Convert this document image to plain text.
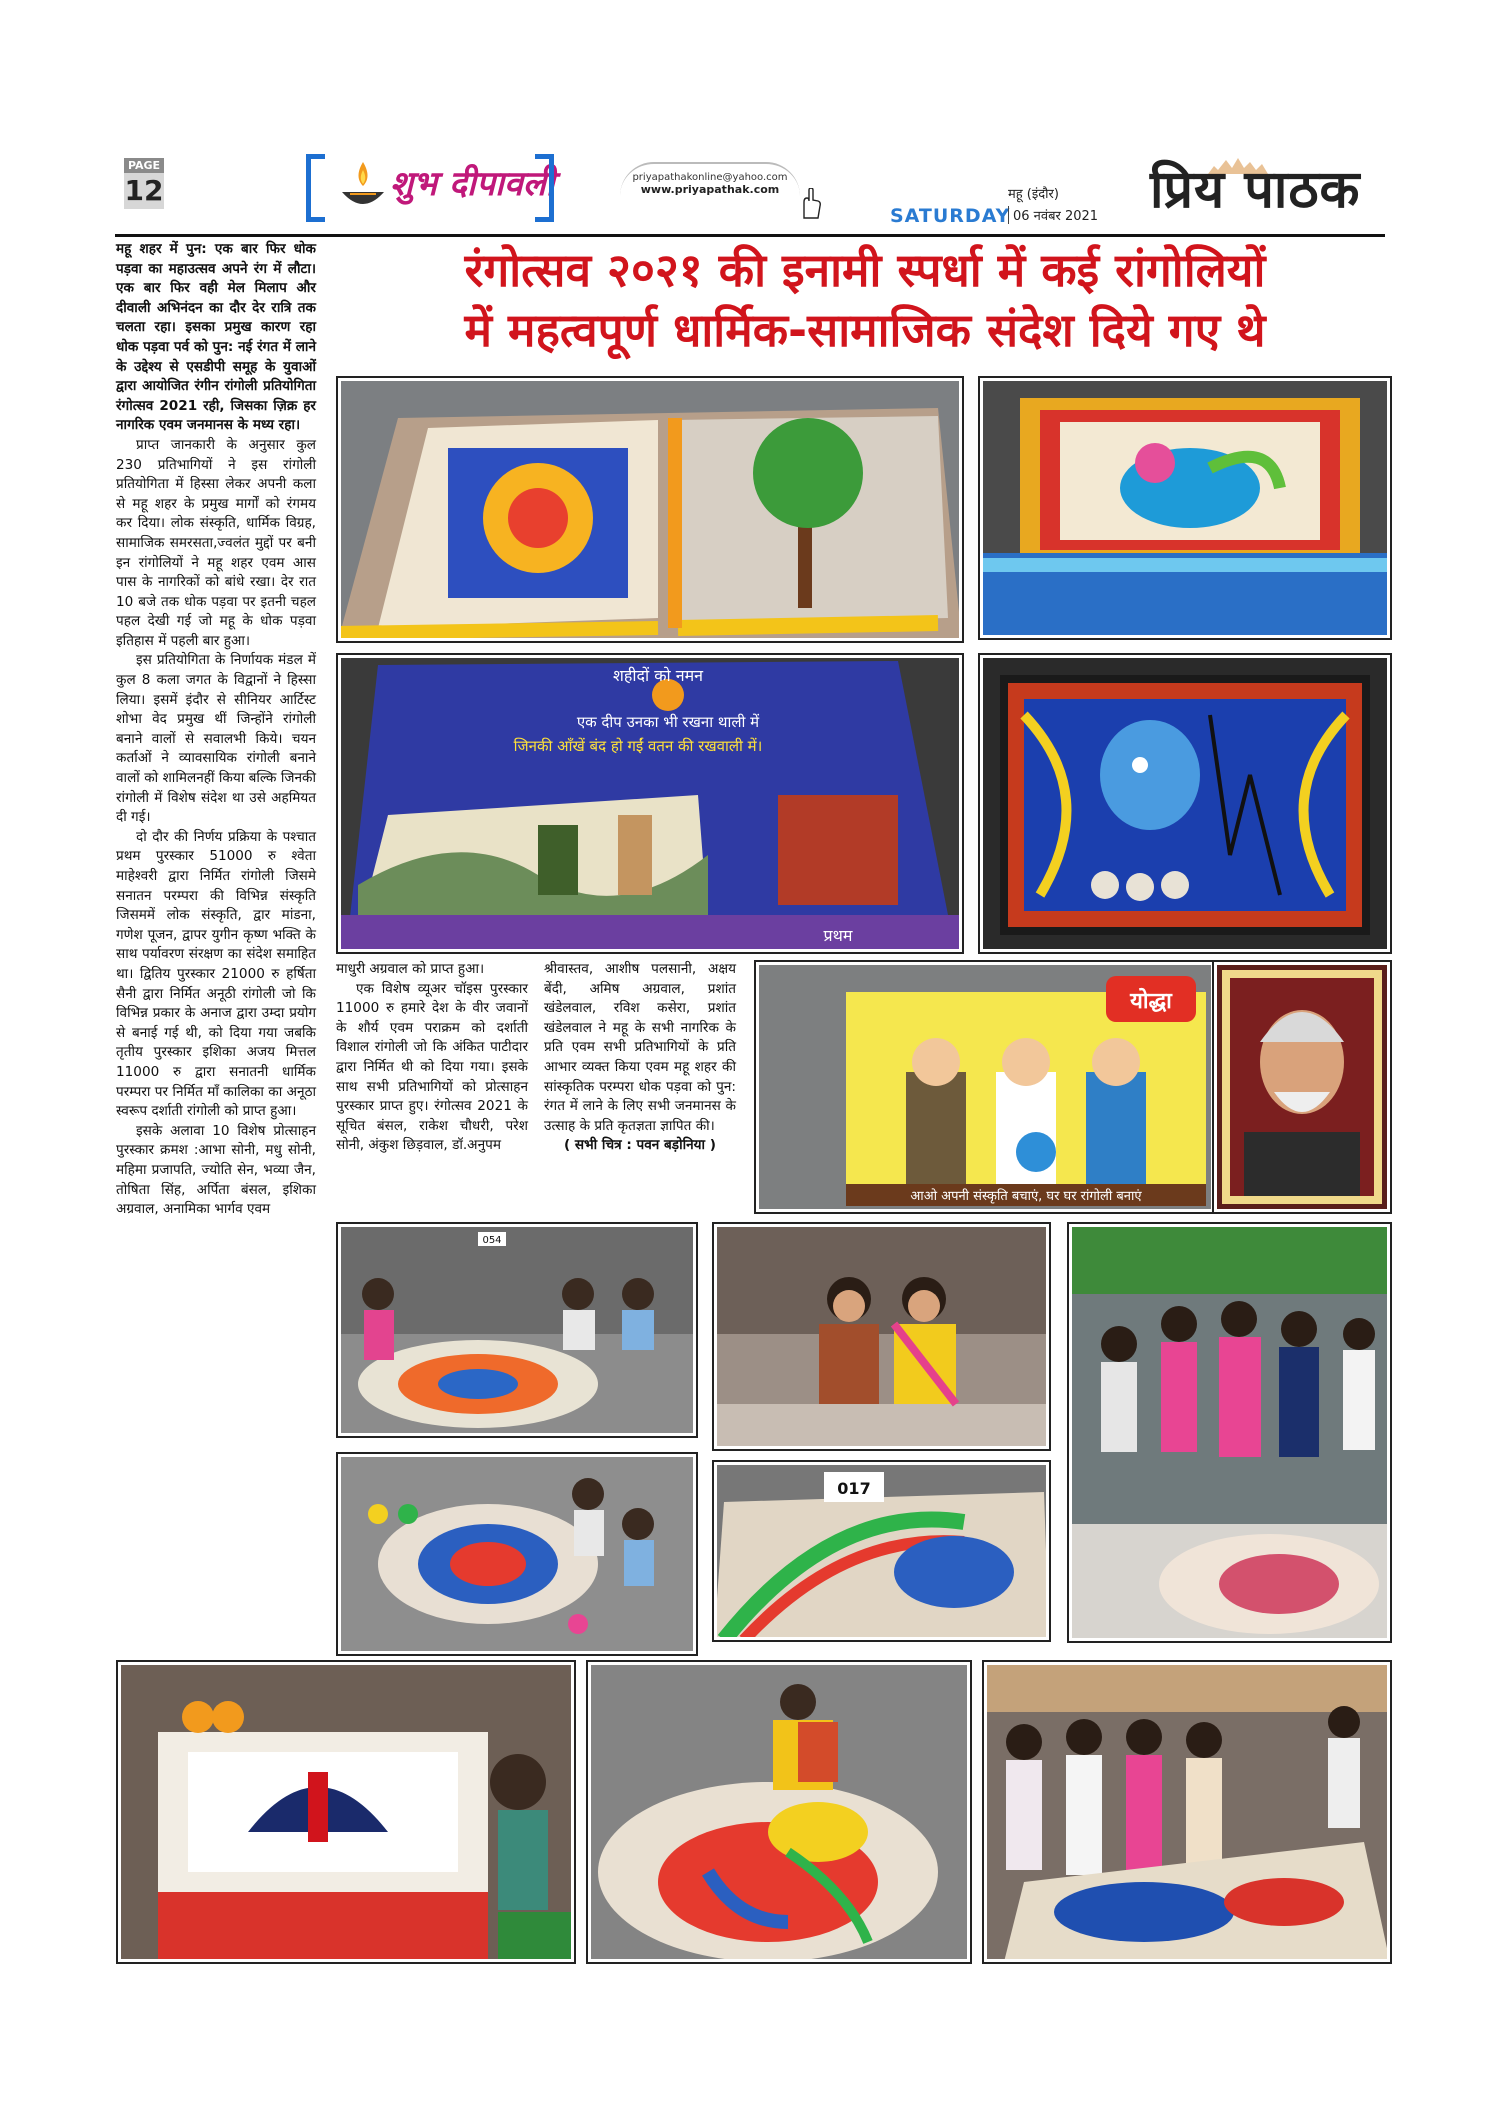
PAGE
12	शुभ दीपावली	priyapathakonline@yahoo.com
www.priyapathak.com
SATURDAY
महू (इंदौर)
06 नवंबर 2021 प्रिय पाठक
रंगोत्सव २०२१ की इनामी स्पर्धा में कई रांगोलियों
में महत्वपूर्ण धार्मिक-सामाजिक संदेश दिये गए थे

महू शहर में पुन: एक बार फिर धोक पड़वा का महाउत्सव अपने रंग में लौटा। एक बार फिर वही मेल मिलाप और दीवाली अभिनंदन का दौर देर रात्रि तक चलता रहा। इसका प्रमुख कारण रहा धोक पड़वा पर्व को पुन: नई रंगत में लाने के उद्देश्य से एसडीपी समूह के युवाओं द्वारा आयोजित रंगीन रांगोली प्रतियोगिता रंगोत्सव 2021 रही, जिसका ज़िक्र हर नागरिक एवम जनमानस के मध्य रहा।

प्राप्त जानकारी के अनुसार कुल 230 प्रतिभागियों ने इस रांगोली प्रतियोगिता में हिस्सा लेकर अपनी कला से महू शहर के प्रमुख मार्गों को रंगमय कर दिया। लोक संस्कृति, धार्मिक विग्रह, सामाजिक समरसता,ज्वलंत मुद्दों पर बनी इन रांगोलियों ने महू शहर एवम आस पास के नागरिकों को बांधे रखा। देर रात 10 बजे तक धोक पड़वा पर इतनी चहल पहल देखी गई जो महू के धोक पड़वा इतिहास में पहली बार हुआ।

इस प्रतियोगिता के निर्णायक मंडल में कुल 8 कला जगत के विद्वानों ने हिस्सा लिया। इसमें इंदौर से सीनियर आर्टिस्ट शोभा वेद प्रमुख थीं जिन्होंने रांगोली बनाने वालों से सवालभी किये। चयन कर्ताओं ने व्यावसायिक रांगोली बनाने वालों को शामिलनहीं किया बल्कि जिनकी रांगोली में विशेष संदेश था उसे अहमियत दी गई।

दो दौर की निर्णय प्रक्रिया के पश्चात प्रथम पुरस्कार 51000 रु श्वेता माहेश्वरी द्वारा निर्मित रांगोली जिसमे सनातन परम्परा की विभिन्न संस्कृति जिसममें लोक संस्कृति, द्वार मांडना, गणेश पूजन, द्वापर युगीन कृष्ण भक्ति के साथ पर्यावरण संरक्षण का संदेश समाहित था। द्वितिय पुरस्कार 21000 रु हर्षिता सैनी द्वारा निर्मित अनूठी रांगोली जो कि विभिन्न प्रकार के अनाज द्वारा उम्दा प्रयोग से बनाई गई थी, को दिया गया जबकि तृतीय पुरस्कार इशिका अजय मित्तल 11000 रु द्वारा सनातनी धार्मिक परम्परा पर निर्मित माँ कालिका का अनूठा स्वरूप दर्शाती रांगोली को प्राप्त हुआ।

इसके अलावा 10 विशेष प्रोत्साहन पुरस्कार क्रमश :आभा सोनी, मधु सोनी, महिमा प्रजापति, ज्योति सेन, भव्या जैन, तोषिता सिंह, अर्पिता बंसल, इशिका अग्रवाल, अनामिका भार्गव एवम

माधुरी अग्रवाल को प्राप्त हुआ।

एक विशेष व्यूअर चॉइस पुरस्कार 11000 रु हमारे देश के वीर जवानों के शौर्य एवम पराक्रम को दर्शाती विशाल रांगोली जो कि अंकित पाटीदार द्वारा निर्मित थी को दिया गया। इसके साथ सभी प्रतिभागियों को प्रोत्साहन पुरस्कार प्राप्त हुए। रंगोत्सव 2021 के सूचित बंसल, राकेश चौधरी, परेश सोनी, अंकुश छिड़वाल, डॉ.अनुपम

श्रीवास्तव, आशीष पलसानी, अक्षय बेंदी, अमिष अग्रवाल, प्रशांत खंडेलवाल, रविश कसेरा, प्रशांत खंडेलवाल ने महू के सभी नागरिक के प्रति एवम सभी प्रतिभागियों के प्रति आभार व्यक्त किया एवम महू शहर की सांस्कृतिक परम्परा धोक पड़वा को पुन: रंगत में लाने के लिए सभी जनमानस के उत्साह के प्रति कृतज्ञता ज्ञापित की।

( सभी चित्र : पवन बड़ोनिया )

शहीदों को नमन
एक दीप उनका भी रखना थाली में
जिनकी आँखें बंद हो गईं वतन की रखवाली में।
प्रथम
योद्धा
आओ अपनी संस्कृति बचाएं, घर घर रांगोली बनाएं
054
017
